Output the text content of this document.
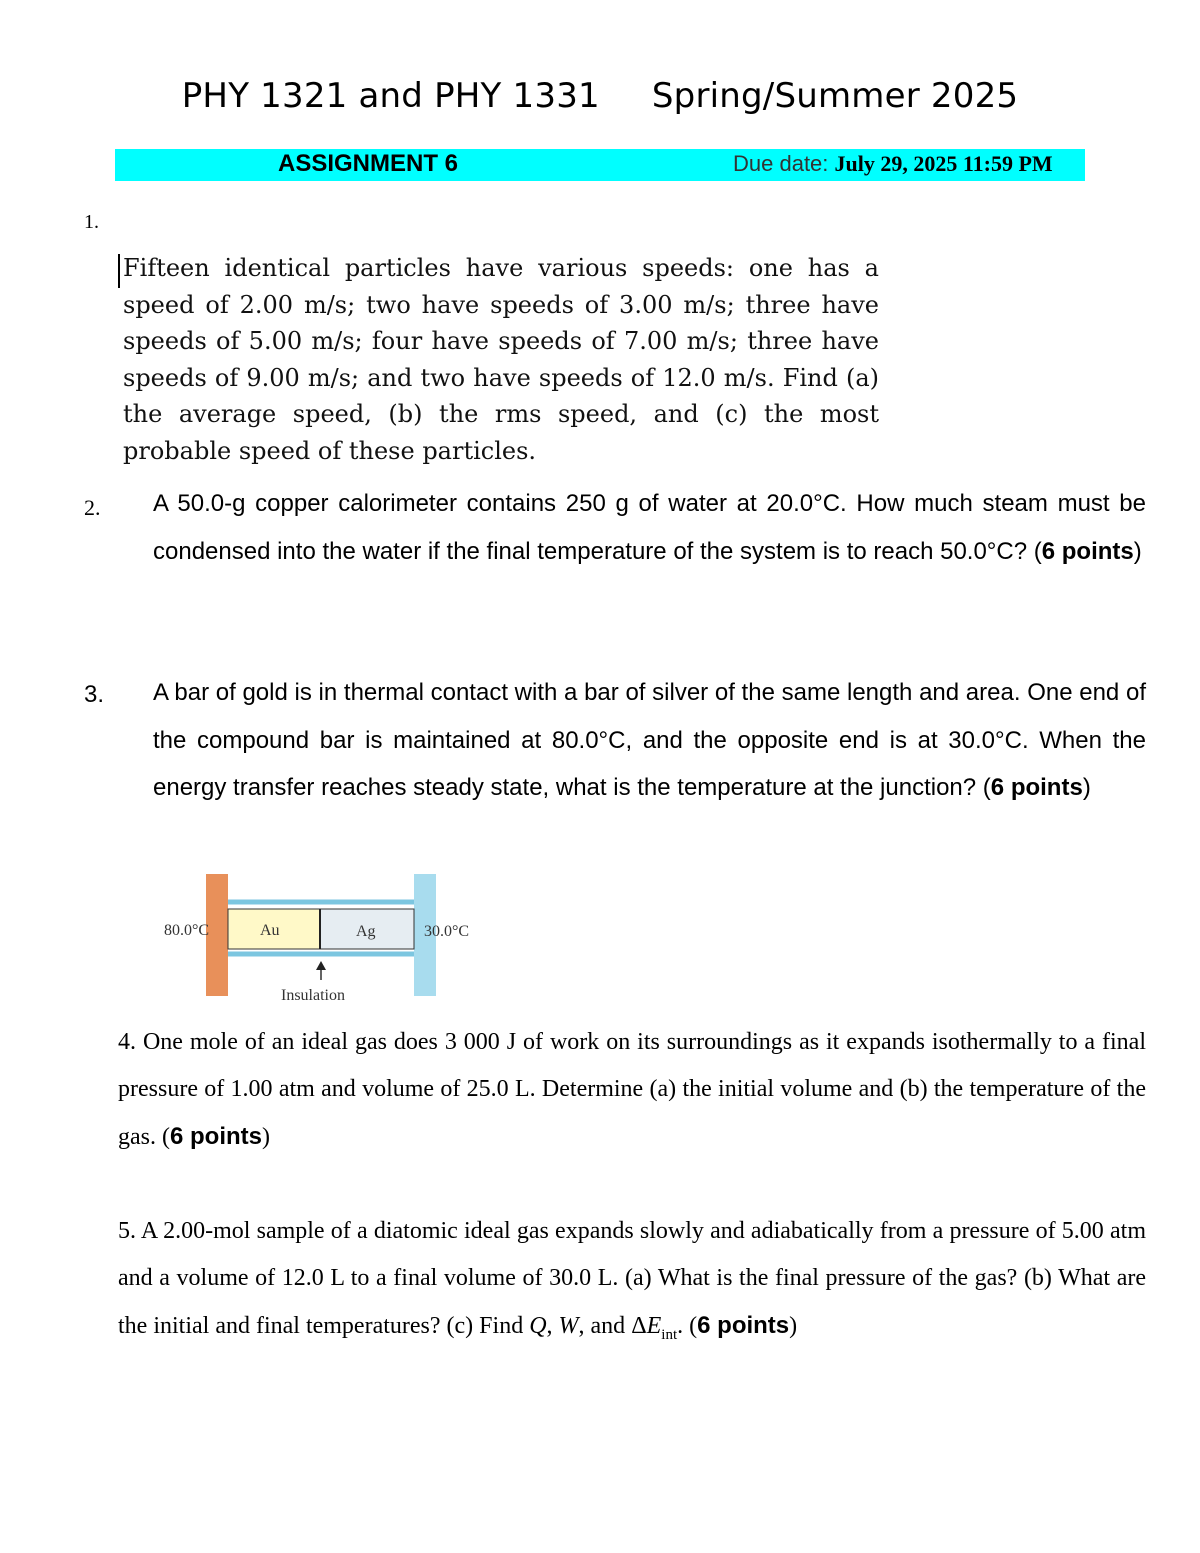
PHY 1321 and PHY 1331 Spring/Summer 2025
ASSIGNMENT 6	Due date: July 29, 2025 11:59 PM
1.
Fifteen identical particles have various speeds: one has a speed of 2.00 m/s; two have speeds of 3.00 m/s; three have speeds of 5.00 m/s; four have speeds of 7.00 m/s; three have speeds of 9.00 m/s; and two have speeds of 12.0 m/s. Find (a) the average speed, (b) the rms speed, and (c) the most probable speed of these particles.
2. A 50.0-g copper calorimeter contains 250 g of water at 20.0°C. How much steam must be condensed into the water if the final temperature of the system is to reach 50.0°C? (6 points)
3. A bar of gold is in thermal contact with a bar of silver of the same length and area. One end of the compound bar is maintained at 80.0°C, and the opposite end is at 30.0°C. When the energy transfer reaches steady state, what is the temperature at the junction? (6 points)
80.0°C	Au	Ag	30.0°C
Insulation
4. One mole of an ideal gas does 3 000 J of work on its surroundings as it expands isothermally to a final pressure of 1.00 atm and volume of 25.0 L. Determine (a) the initial volume and (b) the temperature of the gas. (6 points)
5. A 2.00-mol sample of a diatomic ideal gas expands slowly and adiabatically from a pressure of 5.00 atm and a volume of 12.0 L to a final volume of 30.0 L. (a) What is the final pressure of the gas? (b) What are the initial and final temperatures? (c) Find Q, W, and $\Delta E_{int}$. (6 points)
